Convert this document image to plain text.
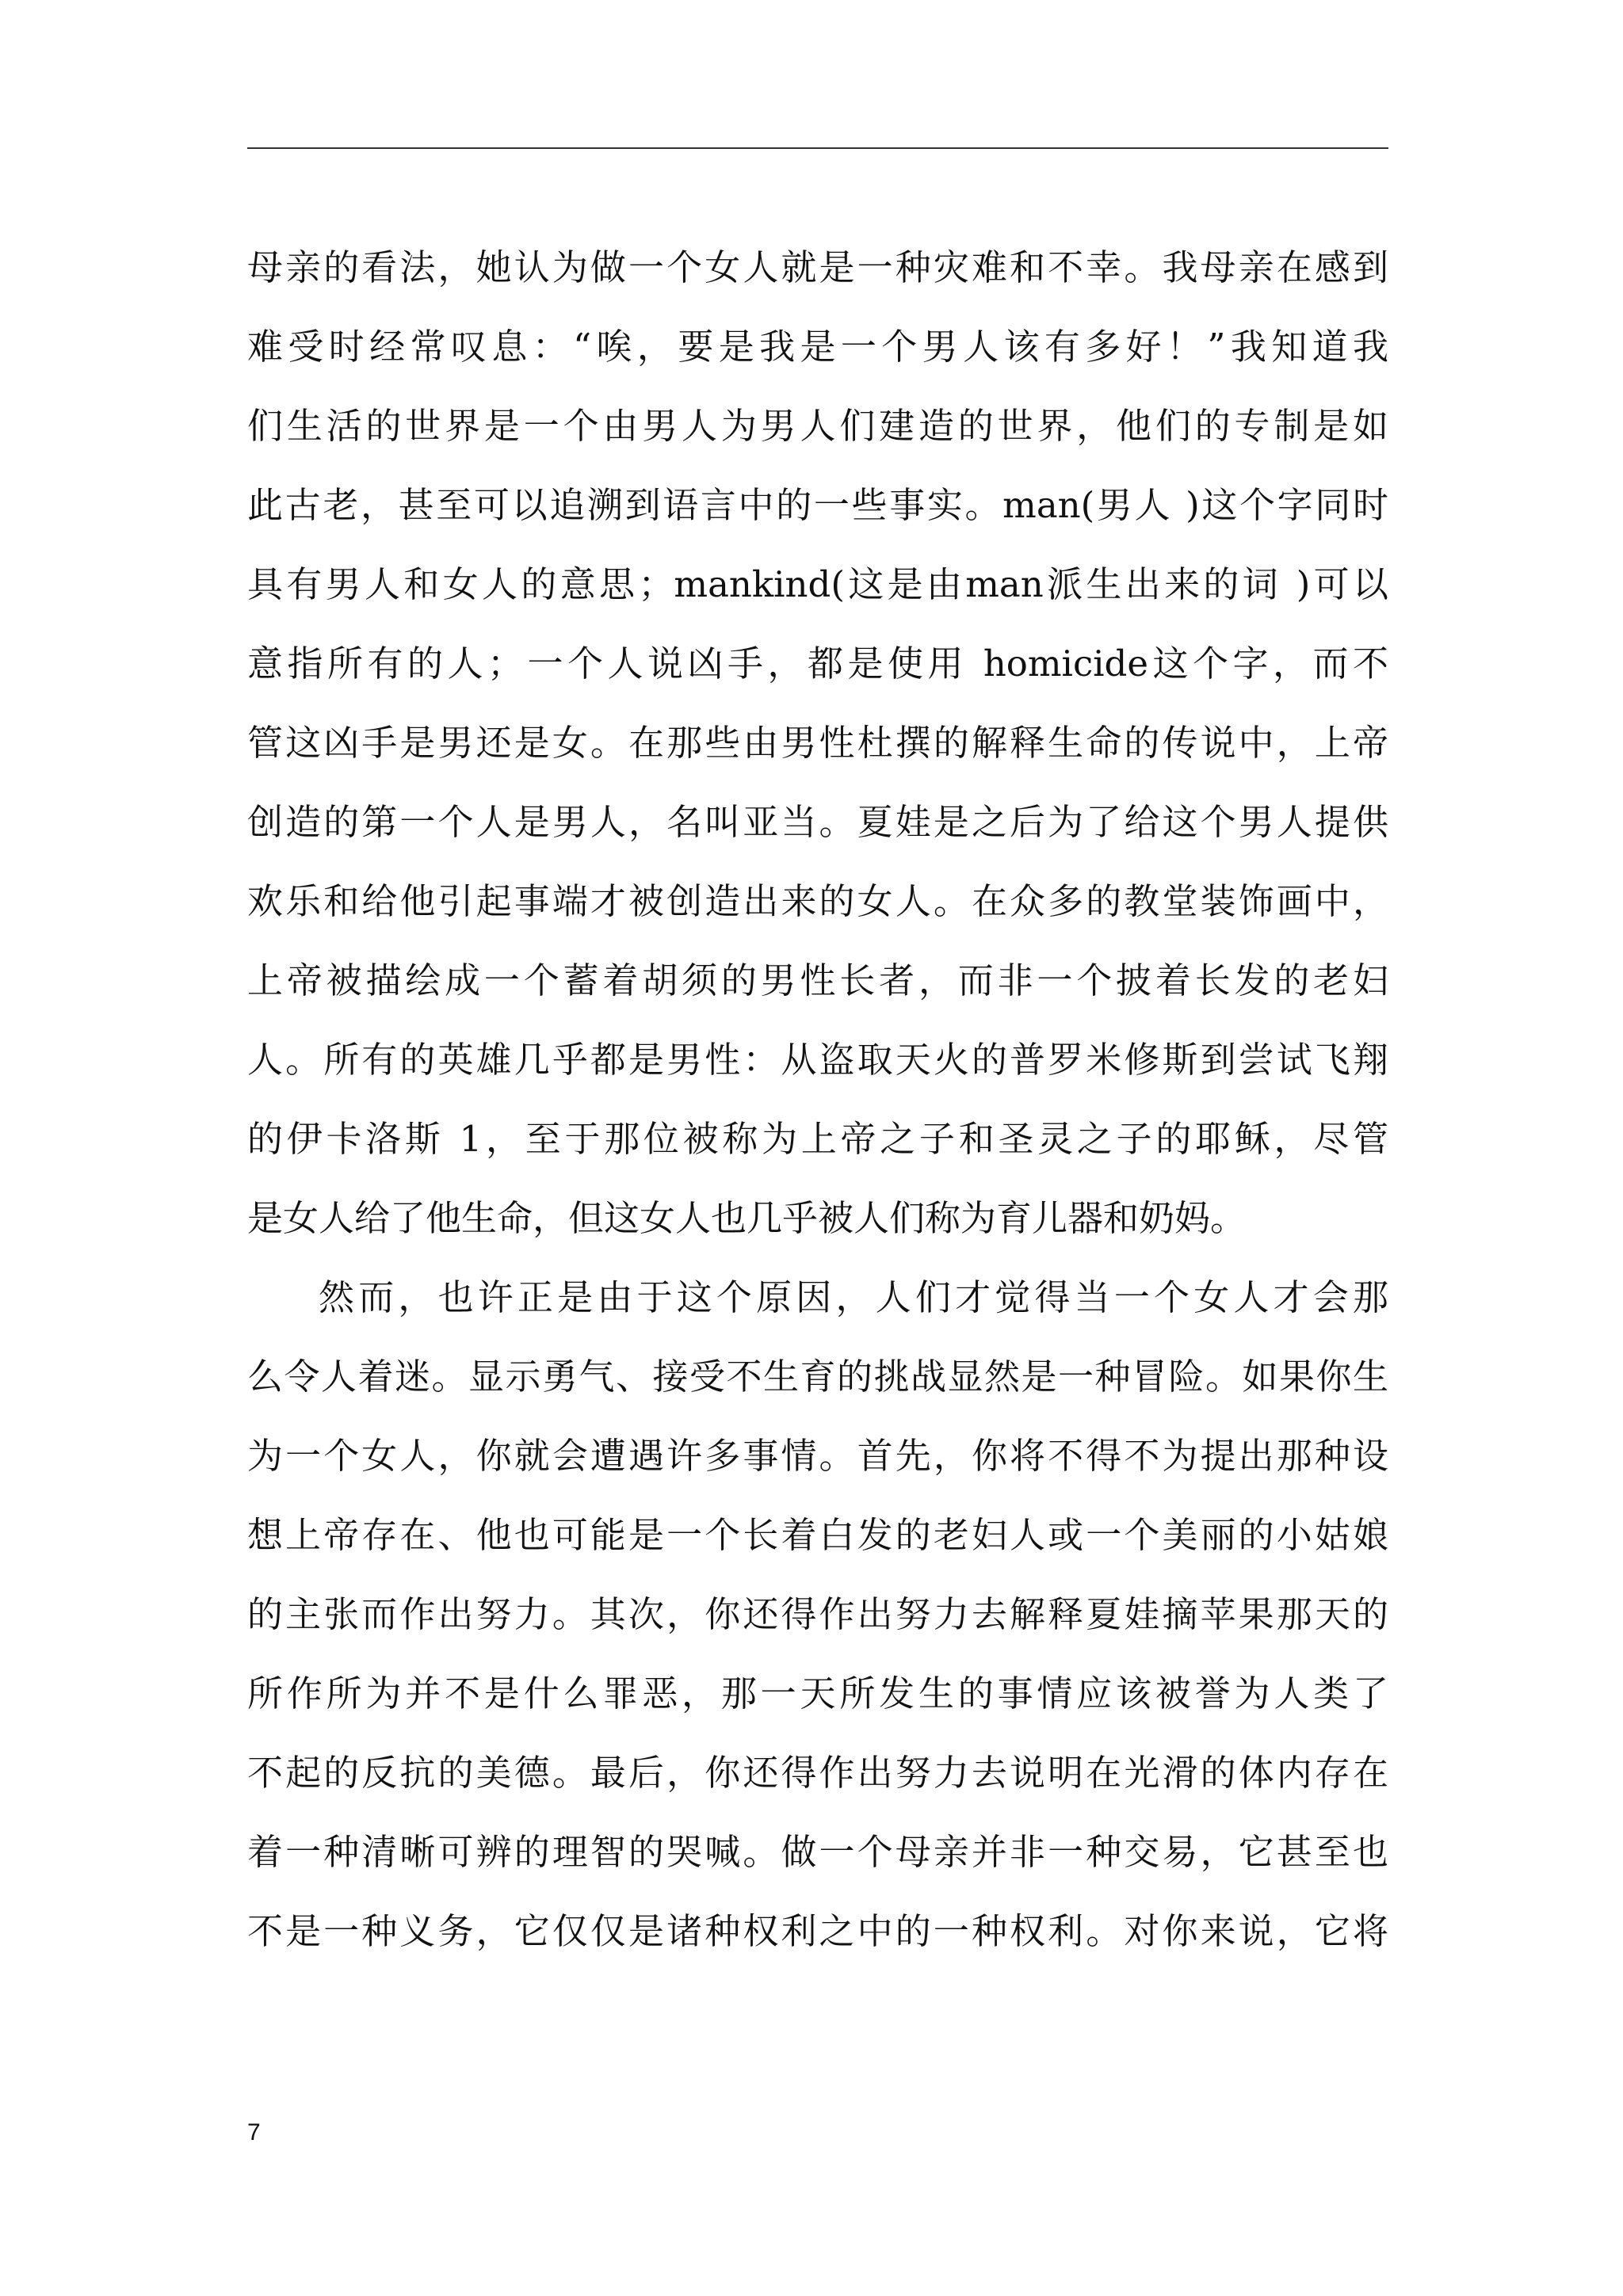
母亲的看法，她认为做一个女人就是一种灾难和不幸。我母亲在感到
难受时经常叹息：“唉，要是我是一个男人该有多好！”我知道我
们生活的世界是一个由男人为男人们建造的世界，他们的专制是如
此古老，甚至可以追溯到语言中的一些事实。man(男人 )这个字同时
具有男人和女人的意思；mankind(这是由man派生出来的词 )可以
意指所有的人；一个人说凶手，都是使用 homicide这个字，而不
管这凶手是男还是女。在那些由男性杜撰的解释生命的传说中，上帝
创造的第一个人是男人，名叫亚当。夏娃是之后为了给这个男人提供
欢乐和给他引起事端才被创造出来的女人。在众多的教堂装饰画中，
上帝被描绘成一个蓄着胡须的男性长者，而非一个披着长发的老妇
人。所有的英雄几乎都是男性：从盗取天火的普罗米修斯到尝试飞翔
的伊卡洛斯 1，至于那位被称为上帝之子和圣灵之子的耶稣，尽管
是女人给了他生命，但这女人也几乎被人们称为育儿器和奶妈。
然而，也许正是由于这个原因，人们才觉得当一个女人才会那
么令人着迷。显示勇气、接受不生育的挑战显然是一种冒险。如果你生
为一个女人，你就会遭遇许多事情。首先，你将不得不为提出那种设
想上帝存在、他也可能是一个长着白发的老妇人或一个美丽的小姑娘
的主张而作出努力。其次，你还得作出努力去解释夏娃摘苹果那天的
所作所为并不是什么罪恶，那一天所发生的事情应该被誉为人类了
不起的反抗的美德。最后，你还得作出努力去说明在光滑的体内存在
着一种清晰可辨的理智的哭喊。做一个母亲并非一种交易，它甚至也
不是一种义务，它仅仅是诸种权利之中的一种权利。对你来说，它将
7
